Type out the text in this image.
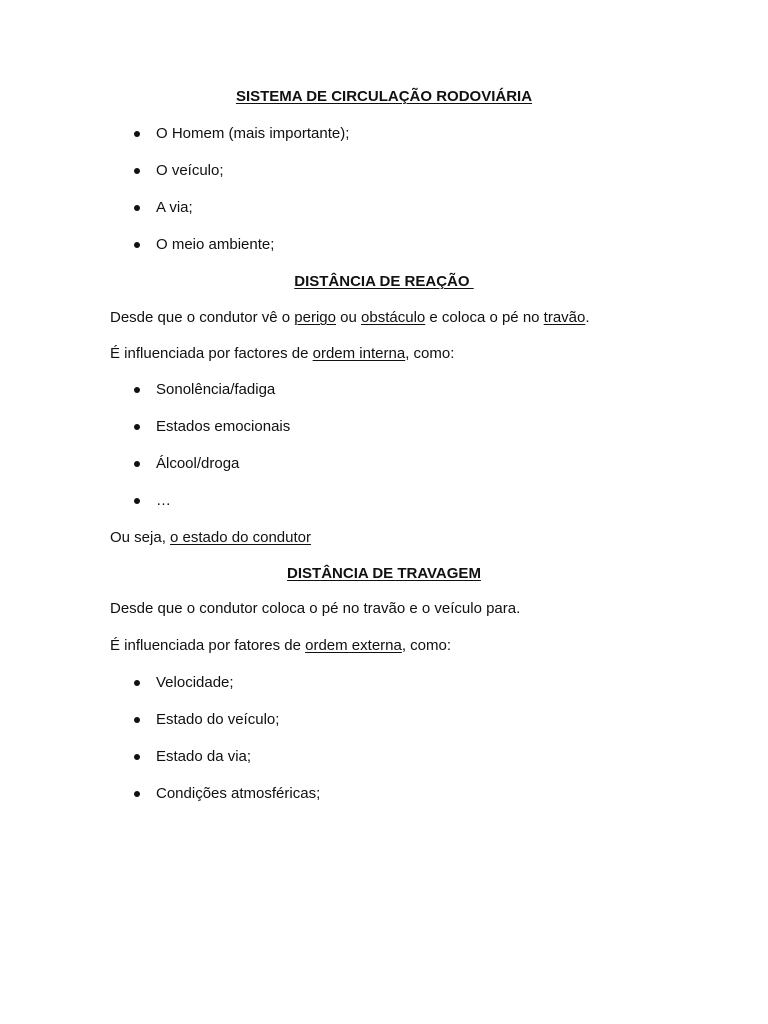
SISTEMA DE CIRCULAÇÃO RODOVIÁRIA

O Homem (mais importante);

O veículo;

A via;

O meio ambiente;

DISTÂNCIA DE REAÇÃO
Desde que o condutor vê o perigo ou obstáculo e coloca o pé no travão.
É influenciada por factores de ordem interna, como:

Sonolência/fadiga

Estados emocionais

Álcool/droga

…

Ou seja, o estado do condutor
DISTÂNCIA DE TRAVAGEM
Desde que o condutor coloca o pé no travão e o veículo para.
É influenciada por fatores de ordem externa, como:

Velocidade;

Estado do veículo;

Estado da via;

Condições atmosféricas;
